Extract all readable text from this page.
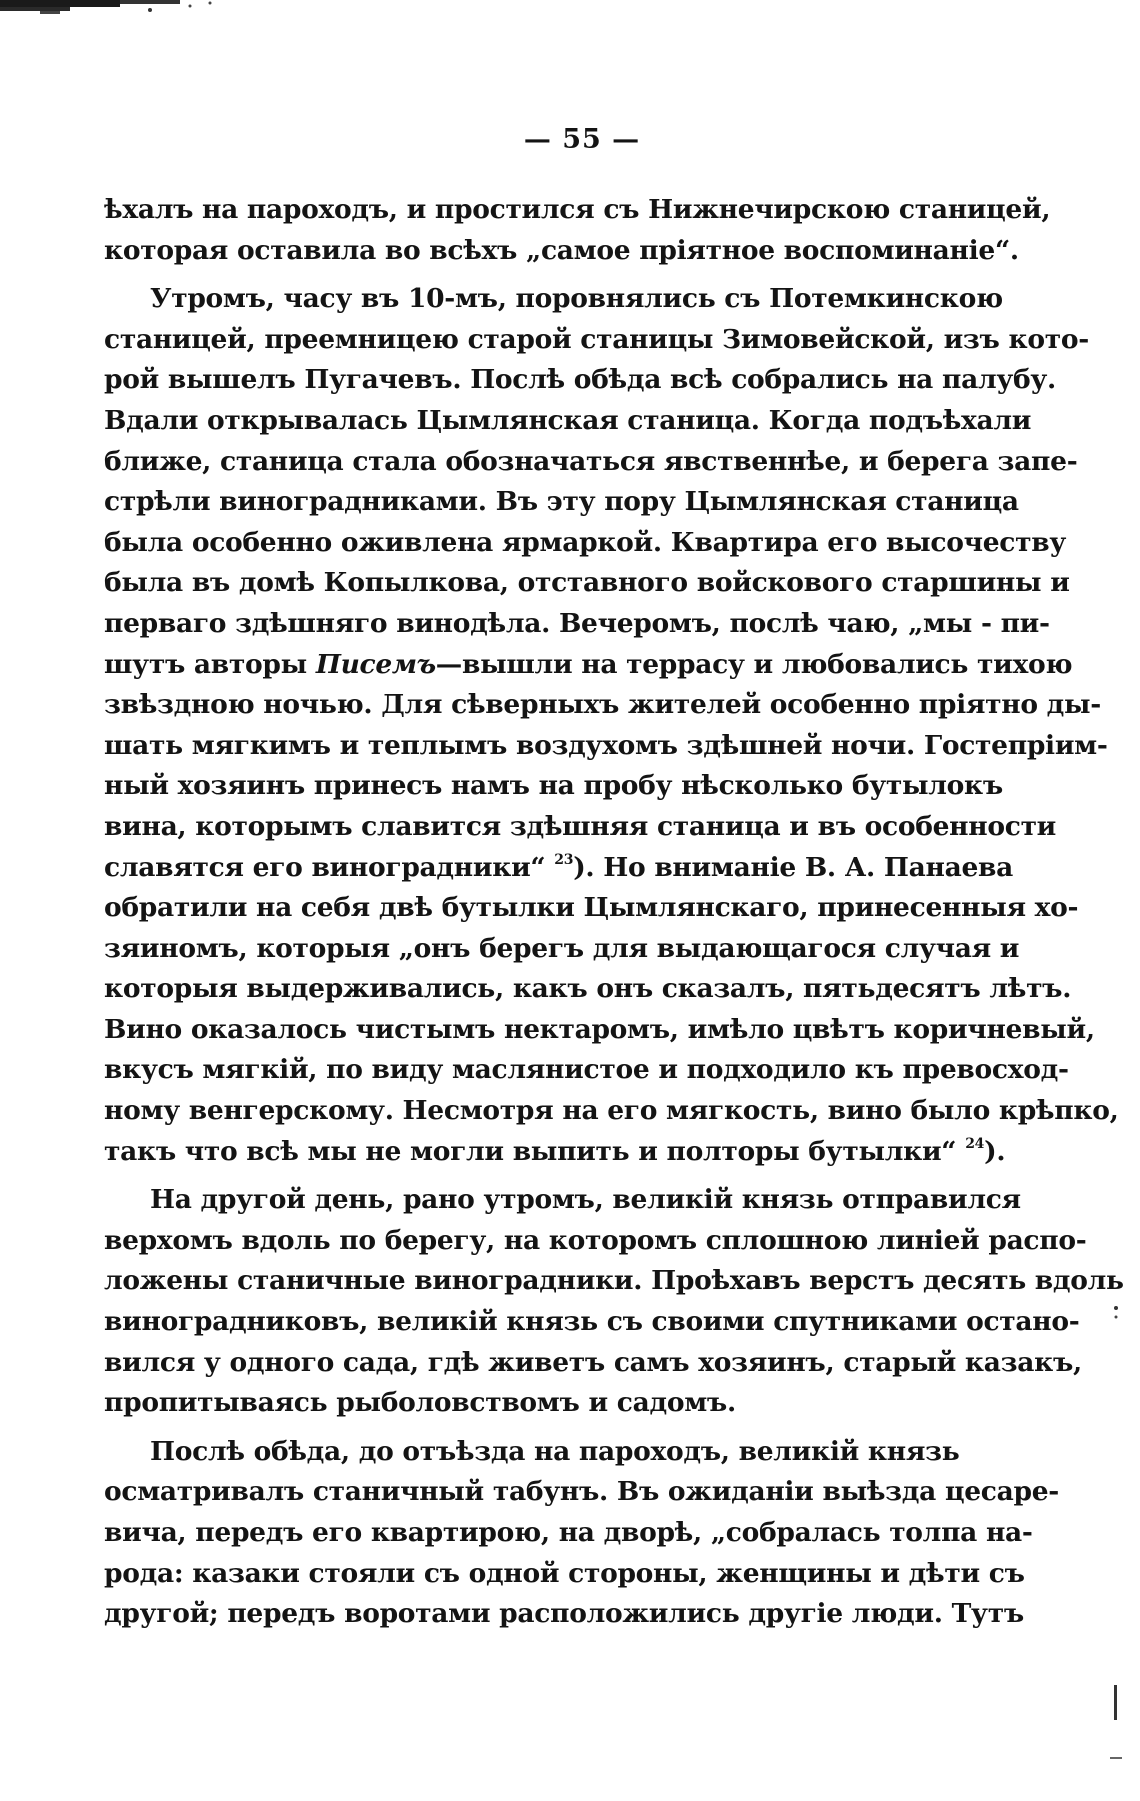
— 55 —
ѣхалъ на пароходъ, и простился съ Нижнечирскою станицей,
которая оставила во всѣхъ „самое пріятное воспоминаніе“.
Утромъ, часу въ 10-мъ, поровнялись съ Потемкинскою
станицей, преемницею старой станицы Зимовейской, изъ кото-
рой вышелъ Пугачевъ. Послѣ обѣда всѣ собрались на палубу.
Вдали открывалась Цымлянская станица. Когда подъѣхали
ближе, станица стала обозначаться явственнѣе, и берега запе-
стрѣли виноградниками. Въ эту пору Цымлянская станица
была особенно оживлена ярмаркой. Квартира его высочеству
была въ домѣ Копылкова, отставного войскового старшины и
перваго здѣшняго винодѣла. Вечеромъ, послѣ чаю, „мы - пи-
шутъ авторы Писемъ—вышли на террасу и любовались тихою
звѣздною ночью. Для сѣверныхъ жителей особенно пріятно ды-
шать мягкимъ и теплымъ воздухомъ здѣшней ночи. Гостепріим-
ный хозяинъ принесъ намъ на пробу нѣсколько бутылокъ
вина, которымъ славится здѣшняя станица и въ особенности
славятся его виноградники“ $^{23}$). Но вниманіе В. А. Панаева
обратили на себя двѣ бутылки Цымлянскаго, принесенныя хо-
зяиномъ, которыя „онъ берегъ для выдающагося случая и
которыя выдерживались, какъ онъ сказалъ, пятьдесятъ лѣтъ.
Вино оказалось чистымъ нектаромъ, имѣло цвѣтъ коричневый,
вкусъ мягкій, по виду маслянистое и подходило къ превосход-
ному венгерскому. Несмотря на его мягкость, вино было крѣпко,
такъ что всѣ мы не могли выпить и полторы бутылки“ $^{24}$).
На другой день, рано утромъ, великій князь отправился
верхомъ вдоль по берегу, на которомъ сплошною линіей распо-
ложены станичные виноградники. Проѣхавъ верстъ десять вдоль
виноградниковъ, великій князь съ своими спутниками остано-
вился у одного сада, гдѣ живетъ самъ хозяинъ, старый казакъ,
пропитываясь рыболовствомъ и садомъ.
Послѣ обѣда, до отъѣзда на пароходъ, великій князь
осматривалъ станичный табунъ. Въ ожиданіи выѣзда цесаре-
вича, передъ его квартирою, на дворѣ, „собралась толпа на-
рода: казаки стояли съ одной стороны, женщины и дѣти съ
другой; передъ воротами расположились другіе люди. Тутъ
